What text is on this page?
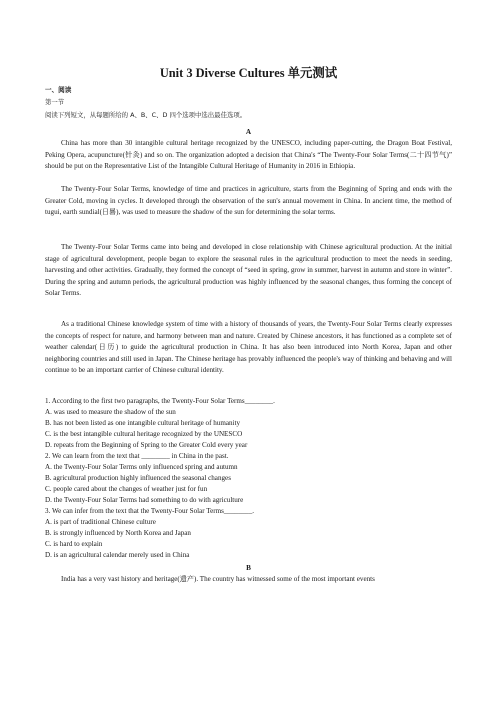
Unit 3 Diverse Cultures 单元测试
一、阅读
第一节
阅读下列短文，从每题所给的 A、B、C、D 四个选项中选出最佳选项。
A

China has more than 30 intangible cultural heritage recognized by the UNESCO, including paper-cutting, the Dragon Boat Festival, Peking Opera, acupuncture(针灸) and so on. The organization adopted a decision that China's “The Twenty-Four Solar Terms(二十四节气)” should be put on the Representative List of the Intangible Cultural Heritage of Humanity in 2016 in Ethiopia.

The Twenty-Four Solar Terms, knowledge of time and practices in agriculture, starts from the Beginning of Spring and ends with the Greater Cold, moving in cycles. It developed through the observation of the sun's annual movement in China. In ancient time, the method of tugui, earth sundial(日晷), was used to measure the shadow of the sun for determining the solar terms.

The Twenty-Four Solar Terms came into being and developed in close relationship with Chinese agricultural production. At the initial stage of agricultural development, people began to explore the seasonal rules in the agricultural production to meet the needs in seeding, harvesting and other activities. Gradually, they formed the concept of “seed in spring, grow in summer, harvest in autumn and store in winter”. During the spring and autumn periods, the agricultural production was highly influenced by the seasonal changes, thus forming the concept of Solar Terms.

As a traditional Chinese knowledge system of time with a history of thousands of years, the Twenty-Four Solar Terms clearly expresses the concepts of respect for nature, and harmony between man and nature. Created by Chinese ancestors, it has functioned as a complete set of weather calendar(日历) to guide the agricultural production in China. It has also been introduced into North Korea, Japan and other neighboring countries and still used in Japan. The Chinese heritage has provably influenced the people's way of thinking and behaving and will continue to be an important carrier of Chinese cultural identity.

1. According to the first two paragraphs, the Twenty-Four Solar Terms________.
A. was used to measure the shadow of the sun
B. has not been listed as one intangible cultural heritage of humanity
C. is the best intangible cultural heritage recognized by the UNESCO
D. repeats from the Beginning of Spring to the Greater Cold every year
2. We can learn from the text that ________ in China in the past.
A. the Twenty-Four Solar Terms only influenced spring and autumn
B. agricultural production highly influenced the seasonal changes
C. people cared about the changes of weather just for fun
D. the Twenty-Four Solar Terms had something to do with agriculture
3. We can infer from the text that the Twenty-Four Solar Terms________.
A. is part of traditional Chinese culture
B. is strongly influenced by North Korea and Japan
C. is hard to explain
D. is an agricultural calendar merely used in China
B
India has a very vast history and heritage(遗产). The country has witnessed some of the most important events
